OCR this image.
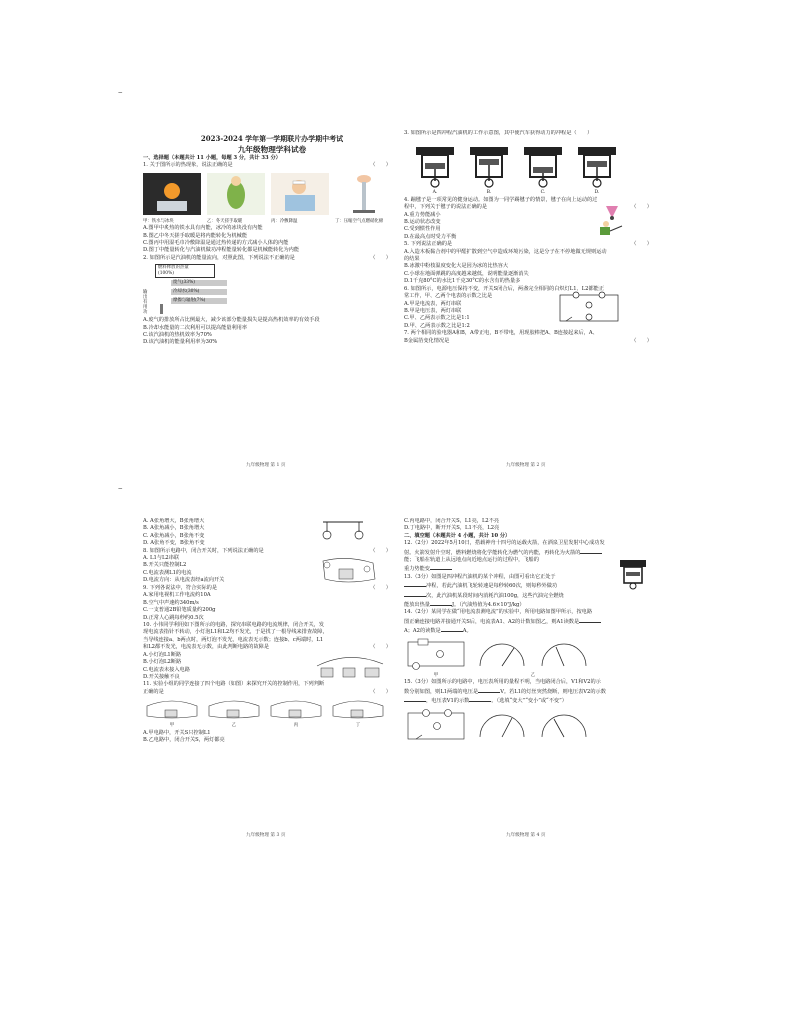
–
–
2023-2024 学年第一学期联片办学期中考试
九年级物理学科试卷
一、选择题（本题共计 11 小题，每题 3 分，共计 33 分）
1. 关于图所示的热现象，说法正确的是	（　　）
甲：铁水与冰块	乙：冬天搓手取暖	丙：冷敷降温	丁：压缩空气点燃硝化棉
A.图甲中炙热的铁水具有内能，冰冷的冰块没有内能
B.图乙中冬天搓手取暖是将内能转化为机械能
C.图丙中用湿毛巾冷敷降温是通过热传递的方式减小人体的内能
D.图丁中能量转化与汽油机做功冲程能量转化都是机械能转化为内能
2. 如图所示是汽油机的能量流向，对照此图，下列说法不正确的是	（　　）
输出有用功
燃料释放的热量
(100%)
废气(33%)
冷却水(30%)
摩擦与辐射(7%)
A.废气的排放所占比例最大，减少该部分能量损失是提高热机效率的有效手段
B.冷却水能量的二次利用可以提高能量利用率
C.该汽油机的热机效率为70%
D.该汽油机的能量利用率为30%
九年级物理 第 1 页
3. 如图所示是四冲程汽油机的工作示意图，其中使汽车获得动力的冲程是（　　）
A.	B.	C.	D.
4. 蹦毽子是一项常见的健身运动。如图为一同学踢毽子的情景，毽子在向上运动的过
程中，下列关于毽子的说法正确的是	（　　）
A.重力势能减小
B.运动状态改变
C.受到惯性作用
D.在最高点时受力平衡
5. 下列说法正确的是	（　　）
A.入造木板黏合剂中的甲醛扩散到空气中造成环境污染，这是分子在不停地做无规则运动
的结果
B.冰激中粉枝温度变化大是因为冰的比热容大
C.小球在地面弹跳的高度越来越低，说明能量逐渐消失
D.1千克80°C的水比1千克30°C的水含有的热量多
6. 如图所示，电源电压保持不变，开关S闭合后，两盏完全相同的白炽灯L1、L2都能正
常工作，甲、乙两个电表的示数之比是
A.甲是电流表，两灯串联
B.甲是电压表，两灯串联
C.甲、乙两表示数之比是1:1
D.甲、乙两表示数之比是1:2
7. 两个相同的验电器A和B，A带正电，B不带电，用现胶棒把A、B连接起来后，A、
B金属箔变化情况是	（　　）
九年级物理 第 2 页
A. A张角增大，B张角增大
B. A张角减小，B张角增大
C. A张角减小，B张角不变
D. A张角不变，B张角不变
8. 如图所示电路中，闭合开关时，下列说法正确的是	（　　）
A. L1与L2串联
B.开关只能控制L2
C.电流表测L1的电流
D.电流方向：从电流表经a流向开关
9. 下列各说法中，符合实际的是	（　　）
A.家用电视机工作电流约10A
B.空气中声速约340m/s
C.一支普通2B铅笔质量约200g
D.正常人心跳每秒约0.5次
10. 小伟同学利用如下图所示的电路，探究串联电路的电流规律，闭合开关，发
现电流表指针不转动，小灯泡L1和L2均不发光，于是找了一根导线来排查故障，
当导线连接a、b两点时，两灯泡不发光，电流表无示数；连接b、c两端时，L1
和L2都不发光，电流表无示数，由此判断电路的故障是	（　　）
A.小灯泡L1断路
B.小灯泡L2断路
C.电流表未接入电路
D.开关接触不良
11. 实验小组的同学连接了四个电路（如图）来探究开关的控制作用，下列判断
正确的是	（　　）
甲	乙	丙	丁
A.甲电路中，开关S只控制L1
B.乙电路中，闭合开关S，两灯都亮
九年级物理 第 3 页
C.丙电路中，闭合开关S，L1亮，L2不亮
D.丁电路中，断开开关S，L1不亮，L2亮
二、填空题（本题共计 4 小题，共计 10 分）
12.（2分）2022年5月10日，搭载神舟十四号的运载火箭，在酒泉卫星发射中心成功发
射。火箭发射升空时，燃料燃烧将化学能转化为燃气的内能，再转化为火箭的
能；飞船在轨道上从远地点向近地点运行的过程中，飞船的
重力势能变
13.（3分）如图是四冲程汽油机的某个冲程，由图可看出它正处于
冲程，若此汽油机飞轮转速是每秒转60次，则每秒外做功
次，此汽油机某段时间内消耗汽油100g，这些汽油完全燃烧
能放出热量	J。（汽油热值为4.6×10⁷J/kg）
14.（2分）某同学在做“用电流表测电流”的实验中，所用电路如图甲所示，按电路
图正确连接电路并接通开关S后，电流表A1、A2的计数如图乙，则A1读数是
A；A2的读数是	A。
甲	乙
15.（3分）如图所示的电路中，电压表所用的量程不明，当电路闭合后，V1和V2的示
数分别如图，则L1两端的电压是	V。若L1的灯丝突然烧断，则电压表V2的示数
，电压表V1的示数	。（选填“变大”“变小”或“不变”）
九年级物理 第 4 页
